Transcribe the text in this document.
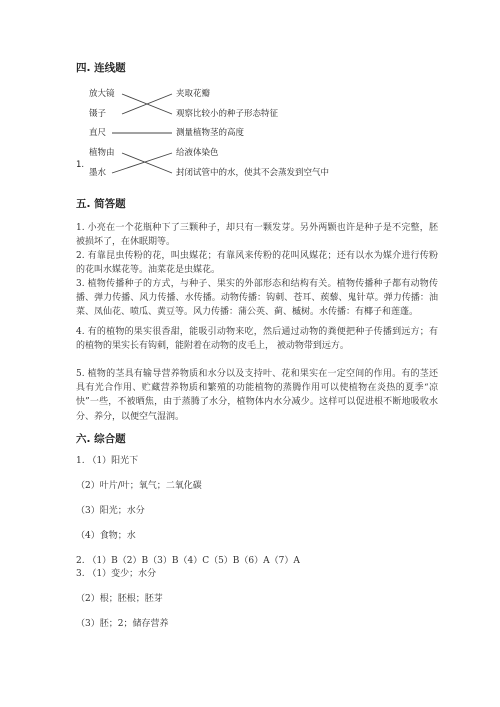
四. 连线题
放大镜
镊子
直尺
植物由
墨水
1.
夹取花瓣
观察比较小的种子形态特征
测量植物茎的高度
给液体染色
封闭试管中的水，使其不会蒸发到空气中
五. 简答题

1. 小亮在一个花瓶种下了三颗种子，却只有一颗发芽。另外两颗也许是种子是不完整，胚被损坏了，在休眠期等。

2. 有靠昆虫传粉的花，叫虫媒花；有靠风来传粉的花叫风媒花；还有以水为媒介进行传粉的花叫水媒花等。油菜花是虫媒花。

3. 植物传播种子的方式，与种子、果实的外部形态和结构有关。植物传播种子都有动物传播、弹力传播、风力传播、水传播。动物传播：钩刺、苍耳、蒺藜、鬼针草。弹力传播：油菜、凤仙花、喷瓜、黄豆等。风力传播：蒲公英、蓟、槭树。水传播：有椰子和莲蓬。

4. 有的植物的果实很香甜，能吸引动物来吃，然后通过动物的粪便把种子传播到远方；有的植物的果实长有钩刺，能附着在动物的皮毛上， 被动物带到远方。

5. 植物的茎具有输导营养物质和水分以及支持叶、花和果实在一定空间的作用。有的茎还具有光合作用、贮藏营养物质和繁殖的功能植物的蒸腾作用可以使植物在炎热的夏季“凉快”一些，不被晒焦，由于蒸腾了水分，植物体内水分减少。这样可以促进根不断地吸收水分、养分，以便空气湿润。

六. 综合题
1. （1）阳光下
（2）叶片/叶；氧气；二氧化碳
（3）阳光；水分
（4）食物；水
2. （1）B（2）B（3）B（4）C（5）B（6）A（7）A
3. （1）变少；水分
（2）根；胚根；胚芽
（3）胚；2；储存营养
